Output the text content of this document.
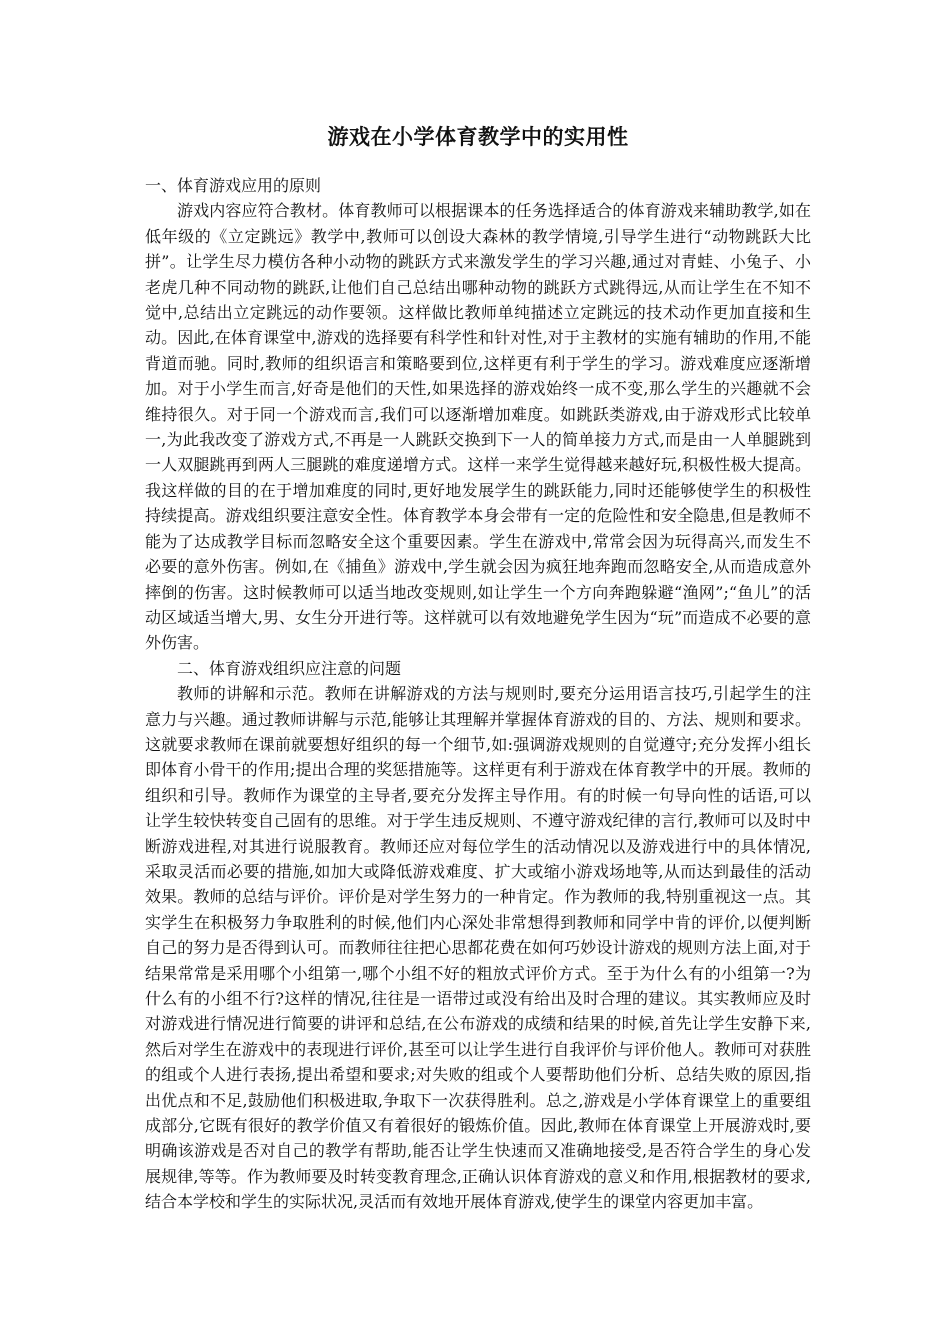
游戏在小学体育教学中的实用性

一、体育游戏应用的原则

游戏内容应符合教材。体育教师可以根据课本的任务选择适合的体育游戏来辅助教学,如在低年级的《立定跳远》教学中,教师可以创设大森林的教学情境,引导学生进行“动物跳跃大比拼”。让学生尽力模仿各种小动物的跳跃方式来激发学生的学习兴趣,通过对青蛙、小兔子、小老虎几种不同动物的跳跃,让他们自己总结出哪种动物的跳跃方式跳得远,从而让学生在不知不觉中,总结出立定跳远的动作要领。这样做比教师单纯描述立定跳远的技术动作更加直接和生动。因此,在体育课堂中,游戏的选择要有科学性和针对性,对于主教材的实施有辅助的作用,不能背道而驰。同时,教师的组织语言和策略要到位,这样更有利于学生的学习。游戏难度应逐渐增加。对于小学生而言,好奇是他们的天性,如果选择的游戏始终一成不变,那么学生的兴趣就不会维持很久。对于同一个游戏而言,我们可以逐渐增加难度。如跳跃类游戏,由于游戏形式比较单一,为此我改变了游戏方式,不再是一人跳跃交换到下一人的简单接力方式,而是由一人单腿跳到一人双腿跳再到两人三腿跳的难度递增方式。这样一来学生觉得越来越好玩,积极性极大提高。我这样做的目的在于增加难度的同时,更好地发展学生的跳跃能力,同时还能够使学生的积极性持续提高。游戏组织要注意安全性。体育教学本身会带有一定的危险性和安全隐患,但是教师不能为了达成教学目标而忽略安全这个重要因素。学生在游戏中,常常会因为玩得高兴,而发生不必要的意外伤害。例如,在《捕鱼》游戏中,学生就会因为疯狂地奔跑而忽略安全,从而造成意外摔倒的伤害。这时候教师可以适当地改变规则,如让学生一个方向奔跑躲避“渔网”;“鱼儿”的活动区域适当增大,男、女生分开进行等。这样就可以有效地避免学生因为“玩”而造成不必要的意外伤害。

二、体育游戏组织应注意的问题

教师的讲解和示范。教师在讲解游戏的方法与规则时,要充分运用语言技巧,引起学生的注意力与兴趣。通过教师讲解与示范,能够让其理解并掌握体育游戏的目的、方法、规则和要求。这就要求教师在课前就要想好组织的每一个细节,如:强调游戏规则的自觉遵守;充分发挥小组长即体育小骨干的作用;提出合理的奖惩措施等。这样更有利于游戏在体育教学中的开展。教师的组织和引导。教师作为课堂的主导者,要充分发挥主导作用。有的时候一句导向性的话语,可以让学生较快转变自己固有的思维。对于学生违反规则、不遵守游戏纪律的言行,教师可以及时中断游戏进程,对其进行说服教育。教师还应对每位学生的活动情况以及游戏进行中的具体情况,采取灵活而必要的措施,如加大或降低游戏难度、扩大或缩小游戏场地等,从而达到最佳的活动效果。教师的总结与评价。评价是对学生努力的一种肯定。作为教师的我,特别重视这一点。其实学生在积极努力争取胜利的时候,他们内心深处非常想得到教师和同学中肯的评价,以便判断自己的努力是否得到认可。而教师往往把心思都花费在如何巧妙设计游戏的规则方法上面,对于结果常常是采用哪个小组第一,哪个小组不好的粗放式评价方式。至于为什么有的小组第一?为什么有的小组不行?这样的情况,往往是一语带过或没有给出及时合理的建议。其实教师应及时对游戏进行情况进行简要的讲评和总结,在公布游戏的成绩和结果的时候,首先让学生安静下来,然后对学生在游戏中的表现进行评价,甚至可以让学生进行自我评价与评价他人。教师可对获胜的组或个人进行表扬,提出希望和要求;对失败的组或个人要帮助他们分析、总结失败的原因,指出优点和不足,鼓励他们积极进取,争取下一次获得胜利。总之,游戏是小学体育课堂上的重要组成部分,它既有很好的教学价值又有着很好的锻炼价值。因此,教师在体育课堂上开展游戏时,要明确该游戏是否对自己的教学有帮助,能否让学生快速而又准确地接受,是否符合学生的身心发展规律,等等。作为教师要及时转变教育理念,正确认识体育游戏的意义和作用,根据教材的要求,结合本学校和学生的实际状况,灵活而有效地开展体育游戏,使学生的课堂内容更加丰富。
